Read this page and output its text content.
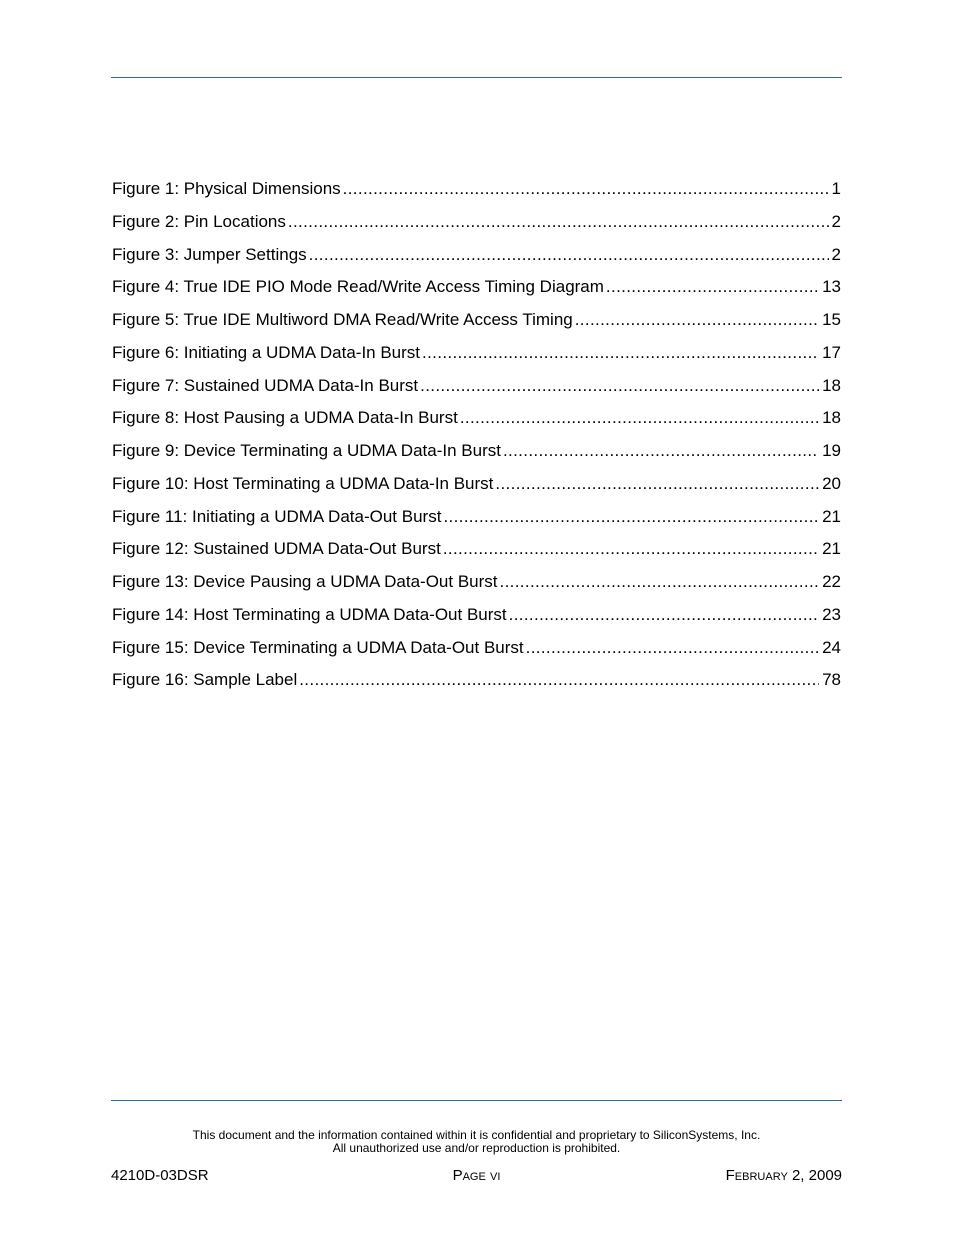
Figure 1: Physical Dimensions .....	1
Figure 2: Pin Locations .....	2
Figure 3: Jumper Settings .....	2
Figure 4: True IDE PIO Mode Read/Write Access Timing Diagram .....	13
Figure 5: True IDE Multiword DMA Read/Write Access Timing .....	15
Figure 6: Initiating a UDMA Data-In Burst .....	17
Figure 7: Sustained UDMA Data-In Burst .....	18
Figure 8: Host Pausing a UDMA Data-In Burst .....	18
Figure 9: Device Terminating a UDMA Data-In Burst .....	19
Figure 10: Host Terminating a UDMA Data-In Burst .....	20
Figure 11: Initiating a UDMA Data-Out Burst .....	21
Figure 12: Sustained UDMA Data-Out Burst .....	21
Figure 13: Device Pausing a UDMA Data-Out Burst .....	22
Figure 14: Host Terminating a UDMA Data-Out Burst .....	23
Figure 15: Device Terminating a UDMA Data-Out Burst .....	24
Figure 16: Sample Label .....	78
This document and the information contained within it is confidential and proprietary to SiliconSystems, Inc.
All unauthorized use and/or reproduction is prohibited.
4210D-03DSR	Page vi	February 2, 2009
